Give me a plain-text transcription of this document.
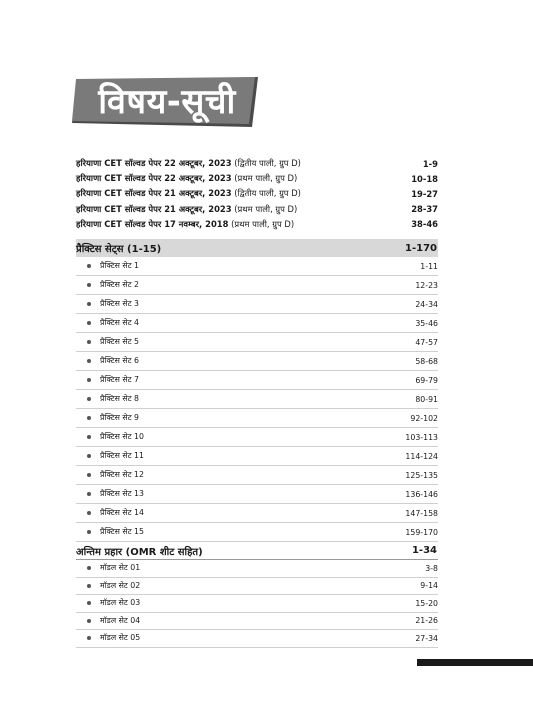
विषय-सूची
हरियाणा CET सॉल्वड पेपर 22 अक्टूबर, 2023 (द्वितीय पाली, ग्रुप D)	1-9
हरियाणा CET सॉल्वड पेपर 22 अक्टूबर, 2023 (प्रथम पाली, ग्रुप D)	10-18
हरियाणा CET सॉल्वड पेपर 21 अक्टूबर, 2023 (द्वितीय पाली, ग्रुप D)	19-27
हरियाणा CET सॉल्वड पेपर 21 अक्टूबर, 2023 (प्रथम पाली, ग्रुप D)	28-37
हरियाणा CET सॉल्वड पेपर 17 नवम्बर, 2018 (प्रथम पाली, ग्रुप D)	38-46
प्रैक्टिस सेट्स (1-15)	1-170
प्रैक्टिस सेट 1	1-11
प्रैक्टिस सेट 2	12-23
प्रैक्टिस सेट 3	24-34
प्रैक्टिस सेट 4	35-46
प्रैक्टिस सेट 5	47-57
प्रैक्टिस सेट 6	58-68
प्रैक्टिस सेट 7	69-79
प्रैक्टिस सेट 8	80-91
प्रैक्टिस सेट 9	92-102
प्रैक्टिस सेट 10	103-113
प्रैक्टिस सेट 11	114-124
प्रैक्टिस सेट 12	125-135
प्रैक्टिस सेट 13	136-146
प्रैक्टिस सेट 14	147-158
प्रैक्टिस सेट 15	159-170
अन्तिम प्रहार (OMR शीट सहित)	1-34
मॉडल सेट 01	3-8
मॉडल सेट 02	9-14
मॉडल सेट 03	15-20
मॉडल सेट 04	21-26
मॉडल सेट 05	27-34
